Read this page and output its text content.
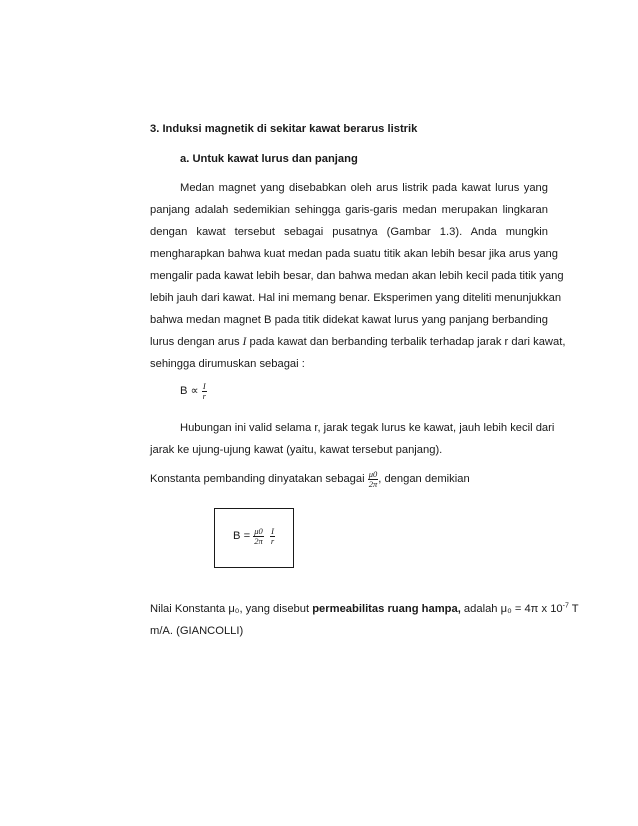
3. Induksi magnetik di sekitar kawat berarus listrik
a. Untuk kawat lurus dan panjang
Medan magnet yang disebabkan oleh arus listrik pada kawat lurus yang
panjang adalah sedemikian sehingga garis-garis medan merupakan lingkaran
dengan kawat tersebut sebagai pusatnya (Gambar 1.3). Anda mungkin
mengharapkan bahwa kuat medan pada suatu titik akan lebih besar jika arus yang
mengalir pada kawat lebih besar, dan bahwa medan akan lebih kecil pada titik yang
lebih jauh dari kawat. Hal ini memang benar. Eksperimen yang diteliti menunjukkan
bahwa medan magnet B pada titik didekat kawat lurus yang panjang berbanding
lurus dengan arus I pada kawat dan berbanding terbalik terhadap jarak r dari kawat,
sehingga dirumuskan sebagai :
$B \propto \frac{I}{r}$
Hubungan ini valid selama r, jarak tegak lurus ke kawat, jauh lebih kecil dari
jarak ke ujung-ujung kawat (yaitu, kawat tersebut panjang).
Konstanta pembanding dinyatakan sebagai $\frac{\mu 0}{2\pi}$ , dengan demikian
$B = \frac{\mu 0}{2\pi}$
$\frac{I}{r}$
Nilai Konstanta μ₀, yang disebut permeabilitas ruang hampa, adalah μ₀ = 4π x $10^{-7}$ T
m/A. (GIANCOLLI)
